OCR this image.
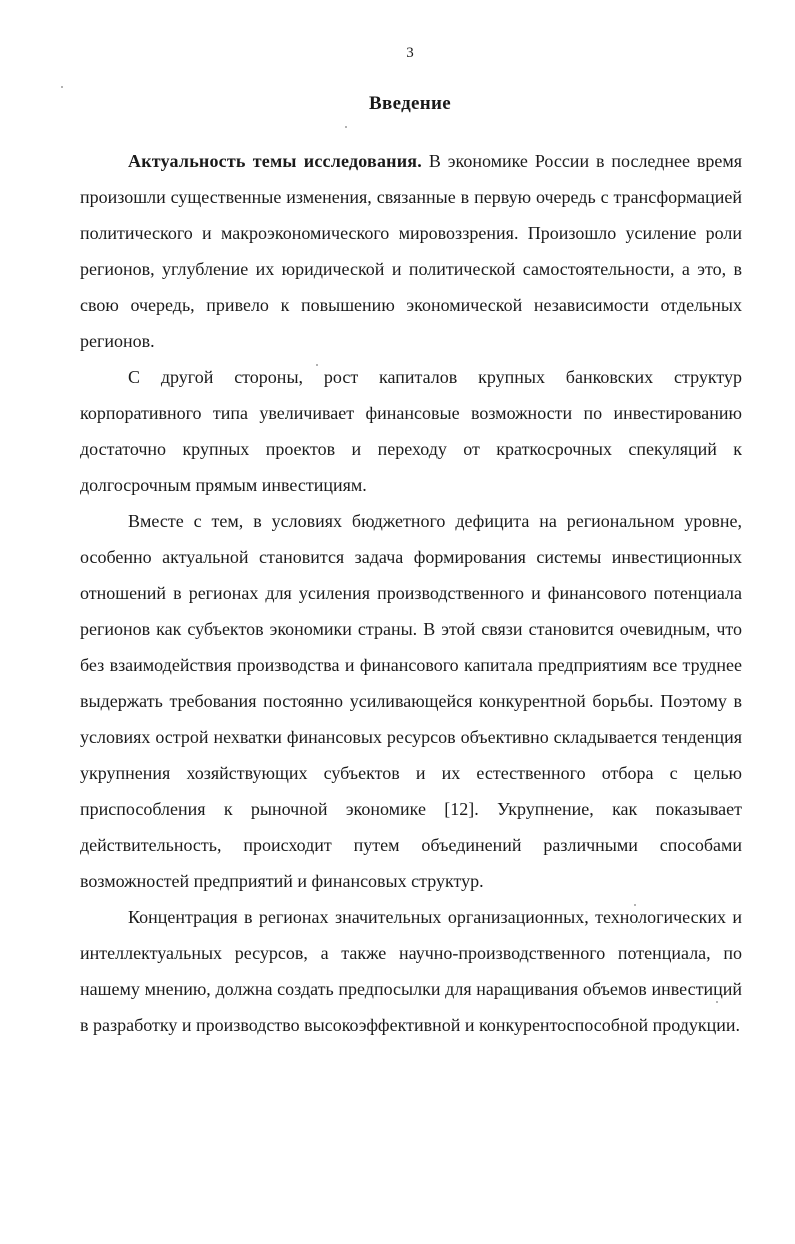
3
Введение

Актуальность темы исследования. В экономике России в последнее время произошли существенные изменения, связанные в первую очередь с трансформацией политического и макроэкономического мировоззрения. Произошло усиление роли регионов, углубление их юридической и политической самостоятельности, а это, в свою очередь, привело к повышению экономической независимости отдельных регионов.

С другой стороны, рост капиталов крупных банковских структур корпоративного типа увеличивает финансовые возможности по инвестированию достаточно крупных проектов и переходу от краткосрочных спекуляций к долгосрочным прямым инвестициям.

Вместе с тем, в условиях бюджетного дефицита на региональном уровне, особенно актуальной становится задача формирования системы инвестиционных отношений в регионах для усиления производственного и финансового потенциала регионов как субъектов экономики страны. В этой связи становится очевидным, что без взаимодействия производства и финансового капитала предприятиям все труднее выдержать требования постоянно усиливающейся конкурентной борьбы. Поэтому в условиях острой нехватки финансовых ресурсов объективно складывается тенденция укрупнения хозяйствующих субъектов и их естественного отбора с целью приспособления к рыночной экономике [12]. Укрупнение, как показывает действительность, происходит путем объединений различными способами возможностей предприятий и финансовых структур.

Концентрация в регионах значительных организационных, технологических и интеллектуальных ресурсов, а также научно-производственного потенциала, по нашему мнению, должна создать предпосылки для наращивания объемов инвестиций в разработку и производство высокоэффективной и конкурентоспособной продукции.
